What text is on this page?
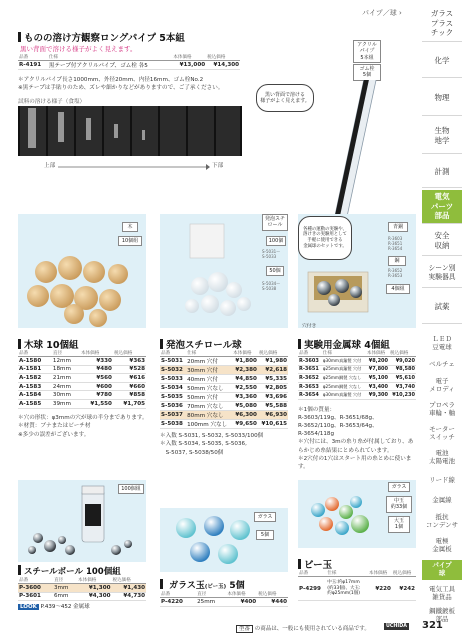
パイプ／球 ›	ガラス
プラス
チック
化学
物理
生物
地学
計測
電気
パーツ
部品
安全
収納
シーン別
実験器具
試薬
ＬＥＤ
豆電球
ベルチェ
電子
メロディ
プロペラ
車輪・軸
モーター
スイッチ
電池
太陽電池
リード線
金属線
抵抗
コンデンサ
電極
金属板
パイプ
球
電気工具
雑貨品
鋼鐵鍍板
部品
ものの溶け方観察ロングパイプ 5本組
黒い背面で溶ける様子がよく見えます。
品番	仕様	本体価格	税込価格
R-4191	黒テープ付アクリルパイプ、ゴム栓 各5	¥13,000	¥14,300
＊アクリルパイプ長さ1000mm、外径20mm、内径16mm、ゴム栓No.2
※黒テープは手貼りのため、ズレや細かりなどがありますので、ご了承ください。
試料の溶ける様子（食塩）
上部	下部
アクリル
パイプ
5本組
ゴム栓
5個
黒い背面で溶ける
様子がよく見えます。
木
10個組
木球 10個組
品番	直径	本体価格	税込価格
A-1580	12mm	¥330	¥363
A-1581	18mm	¥480	¥528
A-1582	21mm	¥560	¥616
A-1583	24mm	¥600	¥660
A-1584	30mm	¥780	¥858
A-1585	39mm	¥1,550	¥1,705
＊穴の形状：φ3mmの穴が球の半分まであります。
＊材質：ブナまたはビーチ材
※多少の誤差がございます。
発泡スチ
ロール
100個
S-5031～
S-5033
50個
S-5034～
S-5038
発泡スチロール球
品番	仕様	本体価格	税込価格
S-5031	20mm 穴付	¥1,800	¥1,980
S-5032	30mm 穴付	¥2,380	¥2,618
S-5033	40mm 穴付	¥4,850	¥5,335
S-5034	50mm 穴なし	¥2,550	¥2,805
S-5035	50mm 穴付	¥3,360	¥3,696
S-5036	70mm 穴なし	¥5,080	¥5,588
S-5037	80mm 穴なし	¥6,300	¥6,930
S-5038	100mm 穴なし	¥9,650	¥10,615
＊入数 S-5031, S-5032, S-5033/100個
＊入数 S-5034, S-5035, S-5036,
　S-5037, S-5038/50個
各種の運動の実験や、
溶けきの実験用として
手軽に使用できる
金属球のセットです。
青銅
R-3603
R-3651
R-3654
鋼
R-3652
R-3653
4個組
穴付き
実験用金属球 4個組
品番	仕様	本体価格	税込価格
R-3603	φ30mm真鍮製 穴付	¥8,200	¥9,020
R-3651	φ25mm真鍮製 穴付	¥7,800	¥8,580
R-3652	φ25mm鋼製 穴なし	¥5,100	¥5,610
R-3653	φ25mm鋼製 穴なし	¥3,400	¥3,740
R-3654	φ30mm真鍮製 穴付	¥9,300	¥10,230
＊1個の質量：
R-3603/119g、R-3651/68g、
R-3652/110g、R-3653/64g、
R-3654/118g
＊穴付には、3mの糸り糸が付属しており、あらかじめ糸結果にとめられています。
＊2穴付の1穴はスタート用の糸とめに使います。
100個組
スチールボール 100個組
品番	直径	本体価格	税込価格
P-3600	3mm	¥1,300	¥1,430
P-3601	6mm	¥4,300	¥4,730
LOOK P.439～452 金属球
ガラス
5個
ガラス玉(ビー玉) 5個
品番	直径	本体価格	税込価格
P-4220	25mm	¥400	¥440
ガラス
中玉
約33個
大玉
1個
ビー玉
品番	仕様	本体価格	税込価格
P-4299	中玉:約φ17mm
(約33個)、大玉:
約φ25mm(1個)	¥220	¥242
型番 の商品は、一般にも使用されている商品です。	UCHIDA 321
